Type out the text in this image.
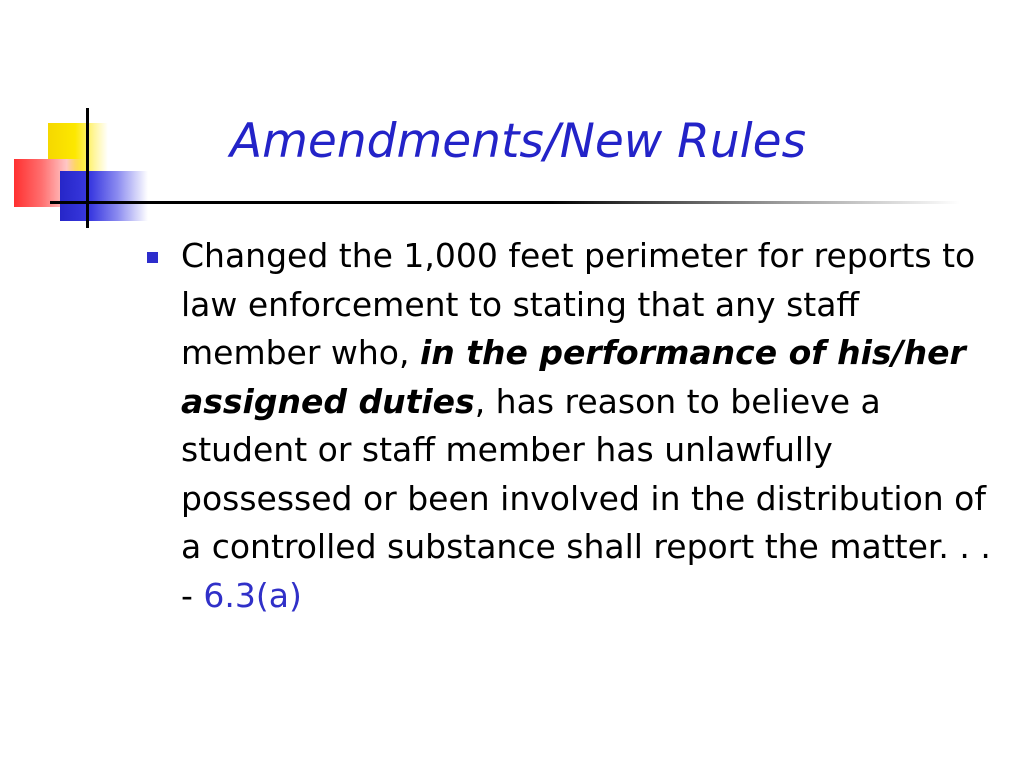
Amendments/New Rules
Changed the 1,000 feet perimeter for reports to law enforcement to stating that any staff member who, in the performance of his/her assigned duties, has reason to believe a student or staff member has unlawfully possessed or been involved in the distribution of a controlled substance shall report the matter. . . - 6.3(a)
